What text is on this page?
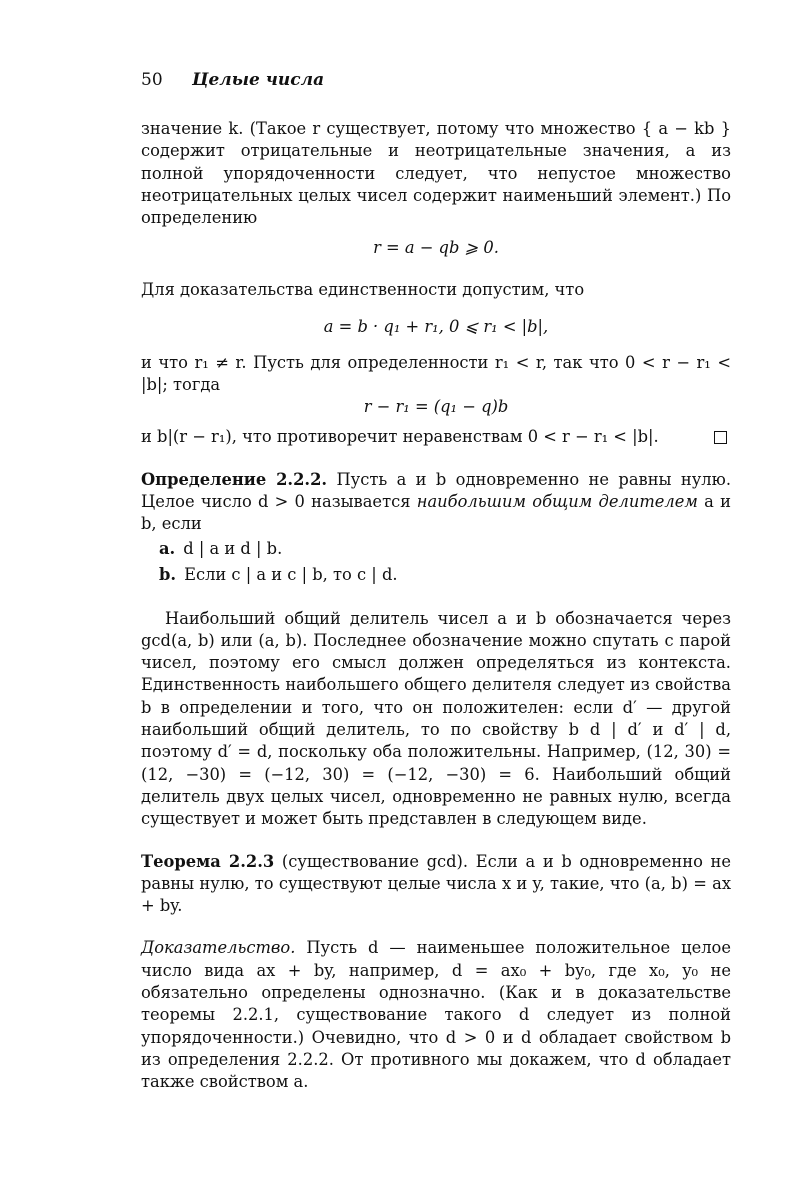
50 Целые числа

значение k. (Такое r существует, потому что множество { a − kb } содержит отрицательные и неотрицательные значения, а из полной упорядоченности следует, что непустое множество неотрицательных целых чисел содержит наименьший элемент.) По определению

r = a − qb ⩾ 0.

Для доказательства единственности допустим, что

a = b · q₁ + r₁, 0 ⩽ r₁ < |b|,

и что r₁ ≠ r. Пусть для определенности r₁ < r, так что 0 < r − r₁ < |b|; тогда

r − r₁ = (q₁ − q)b

и b|(r − r₁), что противоречит неравенствам 0 < r − r₁ < |b|.

Определение 2.2.2. Пусть a и b одновременно не равны нулю. Целое число d > 0 называется наибольшим общим делителем a и b, если

a. d | a и d | b.
b. Если c | a и c | b, то c | d.

Наибольший общий делитель чисел a и b обозначается через gcd(a, b) или (a, b). Последнее обозначение можно спутать с парой чисел, поэтому его смысл должен определяться из контекста. Единственность наибольшего общего делителя следует из свойства b в определении и того, что он положителен: если d′ — другой наибольший общий делитель, то по свойству b d | d′ и d′ | d, поэтому d′ = d, поскольку оба положительны. Например, (12, 30) = (12, −30) = (−12, 30) = (−12, −30) = 6. Наибольший общий делитель двух целых чисел, одновременно не равных нулю, всегда существует и может быть представлен в следующем виде.

Теорема 2.2.3 (существование gcd). Если a и b одновременно не равны нулю, то существуют целые числа x и y, такие, что (a, b) = ax + by.

Доказательство. Пусть d — наименьшее положительное целое число вида ax + by, например, d = ax₀ + by₀, где x₀, y₀ не обязательно определены однозначно. (Как и в доказательстве теоремы 2.2.1, существование такого d следует из полной упорядоченности.) Очевидно, что d > 0 и d обладает свойством b из определения 2.2.2. От противного мы докажем, что d обладает также свойством a.
